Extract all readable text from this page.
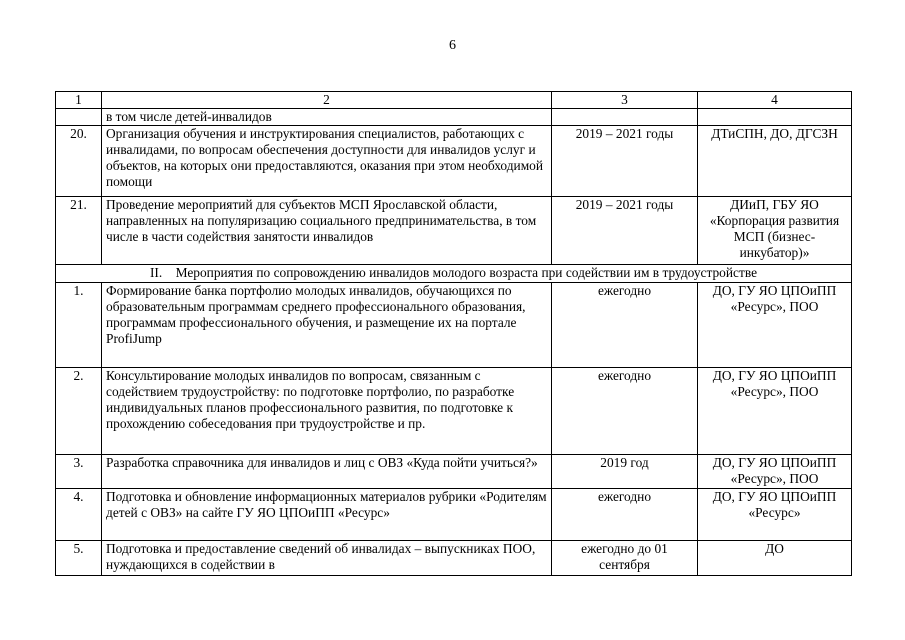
6
1	2	3	4
	в том числе детей-инвалидов		
20.	Организация обучения и инструктирования специалистов, работающих с инвалидами, по вопросам обеспечения доступности для инвалидов услуг и объектов, на которых они предоставляются, оказания при этом необходимой помощи	2019 – 2021 годы	ДТиСПН, ДО, ДГСЗН
21.	Проведение мероприятий для субъектов МСП Ярославской области, направленных на популяризацию социального предпринимательства, в том числе в части содействия занятости инвалидов	2019 – 2021 годы	ДИиП, ГБУ ЯО «Корпорация развития МСП (бизнес-инкубатор)»
II.    Мероприятия по сопровождению инвалидов молодого возраста при содействии им в трудоустройстве			
1.	Формирование банка портфолио молодых инвалидов, обучающихся по образовательным программам среднего профессионального образования, программам профессионального обучения, и размещение их на портале ProfiJump	ежегодно	ДО, ГУ ЯО ЦПОиПП «Ресурс», ПОО
2.	Консультирование молодых инвалидов по вопросам, связанным с содействием трудоустройству: по подготовке портфолио, по разработке индивидуальных планов профессионального развития, по подготовке к прохождению собеседования при трудоустройстве и пр.	ежегодно	ДО, ГУ ЯО ЦПОиПП «Ресурс», ПОО
3.	Разработка справочника для инвалидов и лиц с ОВЗ «Куда пойти учиться?»	2019 год	ДО, ГУ ЯО ЦПОиПП «Ресурс», ПОО
4.	Подготовка и обновление информационных материалов рубрики «Родителям детей с ОВЗ» на сайте ГУ ЯО ЦПОиПП «Ресурс»	ежегодно	ДО, ГУ ЯО ЦПОиПП «Ресурс»
5.	Подготовка и предоставление сведений об инвалидах – выпускниках ПОО, нуждающихся в содействии в	ежегодно до 01 сентября	ДО
